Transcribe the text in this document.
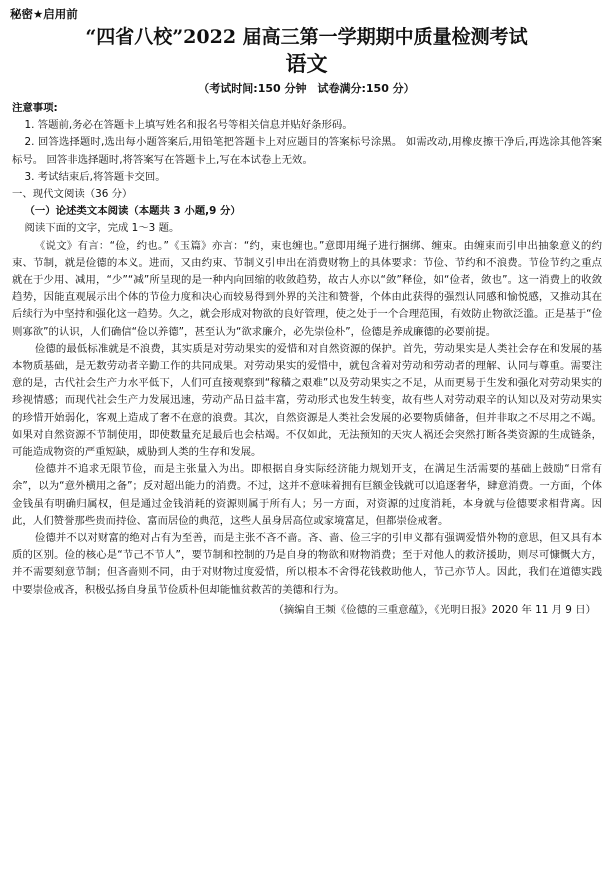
秘密★启用前
“四省八校”2022 届高三第一学期期中质量检测考试
语文
（考试时间:150 分钟　试卷满分:150 分）

注意事项:

1. 答题前,务必在答题卡上填写姓名和报名号等相关信息并贴好条形码。

2. 回答选择题时,选出每小题答案后,用铅笔把答题卡上对应题目的答案标号涂黑。 如需改动,用橡皮擦干净后,再选涂其他答案标号。 回答非选择题时,将答案写在答题卡上,写在本试卷上无效。

3. 考试结束后,将答题卡交回。

一、现代文阅读（36 分）

（一）论述类文本阅读（本题共 3 小题,9 分）

阅读下面的文字，完成 1～3 题。

《说文》有言：“俭，约也。”《玉篇》亦言：“约，束也缠也。”意即用绳子进行捆绑、缠束。由缠束而引申出抽象意义的约束、节制，就是俭德的本义。进而，又由约束、节制义引申出在消费财物上的具体要求：节俭、节约和不浪费。节俭节约之重点就在于少用、减用，“少”“减”所呈现的是一种内向回缩的收敛趋势，故古人亦以“敛”释俭，如“俭者，敛也”。这一消费上的收敛趋势，因能直观展示出个体的节俭力度和决心而较易得到外界的关注和赞誉，个体由此获得的强烈认同感和愉悦感，又推动其在后续行为中坚持和强化这一趋势。久之，就会形成对物欲的良好管理，使之处于一个合理范围，有效防止物欲泛滥。正是基于“俭则寡欲”的认识，人们确信“俭以养德”，甚至认为“欲求廉介，必先崇俭朴”，俭德是养成廉德的必要前提。

俭德的最低标准就是不浪费，其实质是对劳动果实的爱惜和对自然资源的保护。首先，劳动果实是人类社会存在和发展的基本物质基础，是无数劳动者辛勤工作的共同成果。对劳动果实的爱惜中，就包含着对劳动和劳动者的理解、认同与尊重。需要注意的是，古代社会生产力水平低下，人们可直接观察到“稼穑之艰难”以及劳动果实之不足，从而更易于生发和强化对劳动果实的珍视情感；而现代社会生产力发展迅速，劳动产品日益丰富，劳动形式也发生转变，故有些人对劳动艰辛的认知以及对劳动果实的珍惜开始弱化，客观上造成了奢不在意的浪费。其次，自然资源是人类社会发展的必要物质储备，但并非取之不尽用之不竭。如果对自然资源不节制使用，即使数量充足最后也会枯竭。不仅如此，无法预知的天灾人祸还会突然打断各类资源的生成链条，可能造成物资的严重短缺，威胁到人类的生存和发展。

俭德并不追求无限节俭，而是主张量入为出。即根据自身实际经济能力规划开支，在满足生活需要的基础上鼓励“日常有余”，以为“意外横用之备”；反对超出能力的消费。不过，这并不意味着拥有巨额金钱就可以追逐奢华，肆意消费。一方面，个体金钱虽有明确归属权，但是通过金钱消耗的资源则属于所有人；另一方面，对资源的过度消耗，本身就与俭德要求相背离。因此，人们赞誉那些贵而持俭、富而居俭的典范，这些人虽身居高位或家境富足，但都崇俭戒奢。

俭德并不以对财富的绝对占有为至善，而是主张不吝不啬。吝、啬、俭三字的引申义都有强调爱惜外物的意思，但又具有本质的区别。俭的核心是“节己不节人”，要节制和控制的乃是自身的物欲和财物消费；至于对他人的救济援助，则尽可慷慨大方，并不需要刻意节制；但吝啬则不同，由于对财物过度爱惜，所以根本不舍得花钱救助他人，节己亦节人。因此，我们在道德实践中要崇俭戒吝，积极弘扬自身虽节俭质朴但却能恤贫救苦的美德和行为。

（摘编自王频《俭德的三重意蕴》，《光明日报》2020 年 11 月 9 日）
